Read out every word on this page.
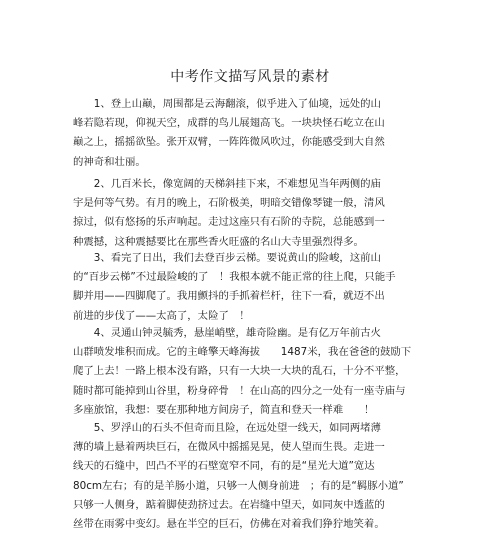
中考作文描写风景的素材
　　1、登上山巅，周围都是云海翻滚，似乎进入了仙境，远处的山
峰若隐若现，仰视天空，成群的鸟儿展翅高飞。一块块怪石屹立在山
巅之上，摇摇欲坠。张开双臂，一阵阵微风吹过，你能感受到大自然
的神奇和壮丽。
　　2、几百米长，像宽阔的天梯斜挂下来，不难想见当年两侧的庙
宇是何等气势。有月的晚上，石阶极美，明暗交错像琴键一般，清风
掠过，似有悠扬的乐声响起。走过这座只有石阶的寺院，总能感到一
种震撼，这种震撼要比在那些香火旺盛的名山大寺里强烈得多。
　　3、看完了日出，我们去登百步云梯。要说黄山的险峻，这前山
的“百步云梯”不过最险峻的了　！我根本就不能正常的往上爬，只能手
脚并用——四脚爬了。我用颤抖的手抓着栏杆，往下一看，就迈不出
前进的步伐了——太高了，太险了　！
　　4、灵通山钟灵毓秀，悬崖峭壁，雄奇险幽。是有亿万年前古火
山群喷发堆积而成。它的主峰擎天峰海拔　　1487米，我在爸爸的鼓励下
爬了上去！一路上根本没有路，只有一大块一大块的乱石，十分不平整，
随时都可能掉到山谷里，粉身碎骨　！在山高的四分之一处有一座寺庙与
多座旅馆，我想：要在那种地方间房子，简直和登天一样难　　！
　　5、罗浮山的石头不但奇而且险，在远处望一线天，如同两堵薄
薄的墙上悬着两块巨石，在微风中摇摇晃晃，使人望而生畏。走进一
线天的石缝中，凹凸不平的石壁宽窄不同，有的是“星光大道”宽达
80cm左右；有的是羊肠小道，只够一人侧身前进　；有的是“羁豚小道”
只够一人侧身，踮着脚使劲挤过去。在岩缝中望天，如同灰中透蓝的
丝带在雨雾中变幻。悬在半空的巨石，仿佛在对着我们狰狞地笑着。
